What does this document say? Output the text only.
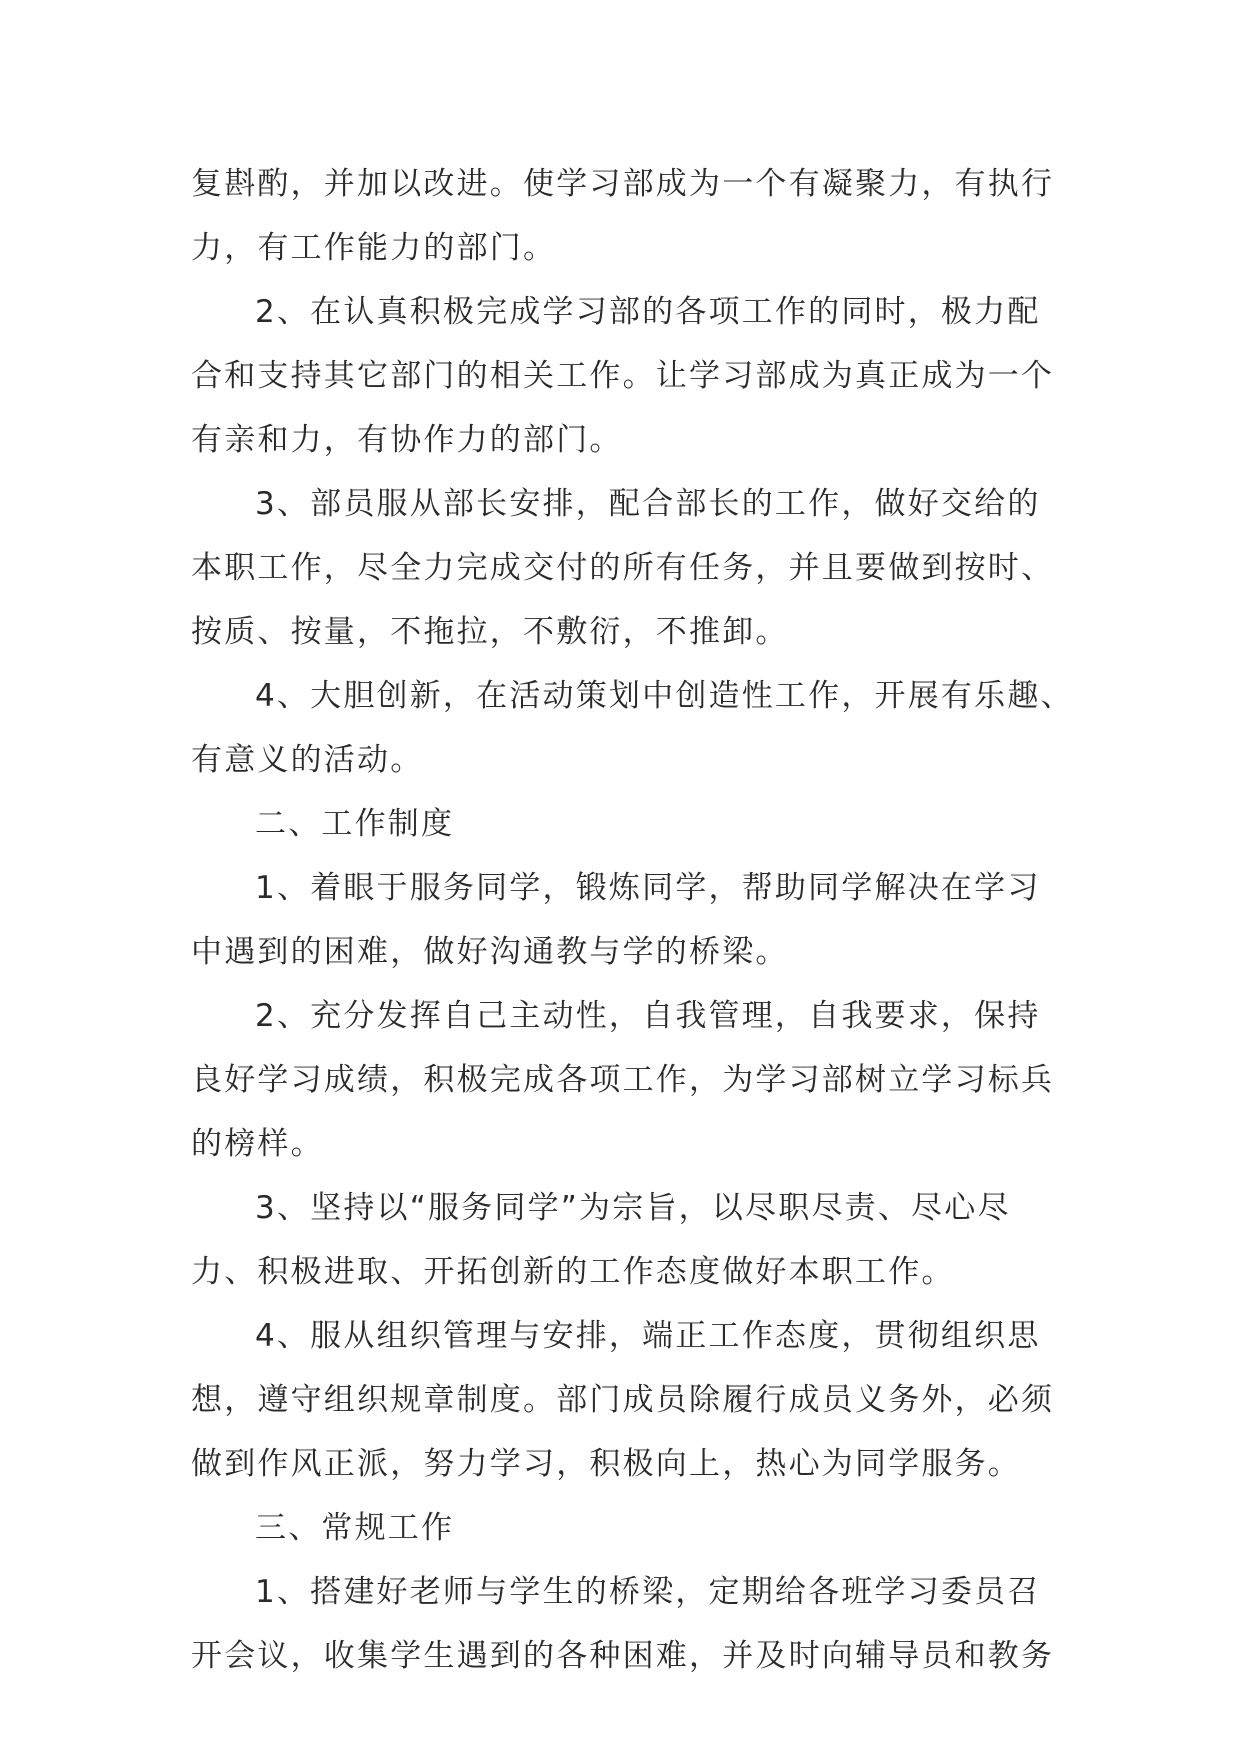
复斟酌，并加以改进。使学习部成为一个有凝聚力，有执行
力，有工作能力的部门。
2、在认真积极完成学习部的各项工作的同时，极力配
合和支持其它部门的相关工作。让学习部成为真正成为一个
有亲和力，有协作力的部门。
3、部员服从部长安排，配合部长的工作，做好交给的
本职工作，尽全力完成交付的所有任务，并且要做到按时、
按质、按量，不拖拉，不敷衍，不推卸。
4、大胆创新，在活动策划中创造性工作，开展有乐趣、
有意义的活动。
二、工作制度
1、着眼于服务同学，锻炼同学，帮助同学解决在学习
中遇到的困难，做好沟通教与学的桥梁。
2、充分发挥自己主动性，自我管理，自我要求，保持
良好学习成绩，积极完成各项工作，为学习部树立学习标兵
的榜样。
3、坚持以“服务同学”为宗旨，以尽职尽责、尽心尽
力、积极进取、开拓创新的工作态度做好本职工作。
4、服从组织管理与安排，端正工作态度，贯彻组织思
想，遵守组织规章制度。部门成员除履行成员义务外，必须
做到作风正派，努力学习，积极向上，热心为同学服务。
三、常规工作
1、搭建好老师与学生的桥梁，定期给各班学习委员召
开会议，收集学生遇到的各种困难，并及时向辅导员和教务
